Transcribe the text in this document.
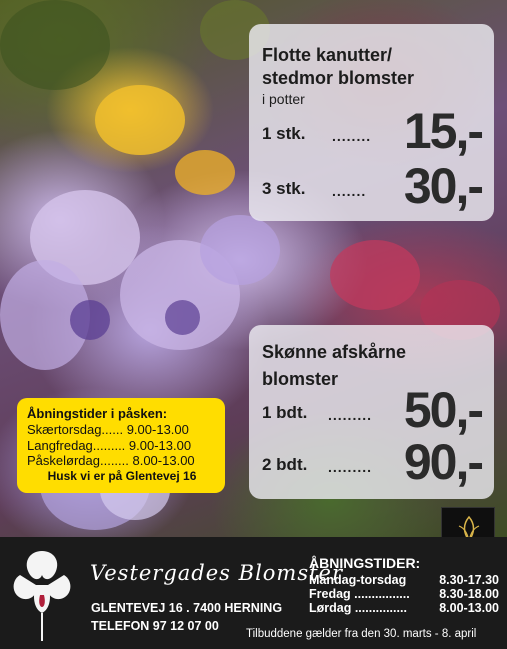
Flotte kanutter/
stedmor blomster
i potter
1 stk. ........ 15,-
3 stk. ....... 30,-
Skønne afskårne
blomster
1 bdt. ......... 50,-
2 bdt. ......... 90,-
Åbningstider i påsken:
Skærtorsdag...... 9.00-13.00
Langfredag......... 9.00-13.00
Påskelørdag........ 8.00-13.00
Husk vi er på Glentevej 16
Vestergades Blomster
GLENTEVEJ 16 . 7400 HERNING
TELEFON 97 12 07 00
ÅBNINGSTIDER:
Mandag-torsdag	8.30-17.30
Fredag ................ 8.30-18.00
Lørdag ...............	8.00-13.00
Tilbuddene gælder fra den 30. marts - 8. april
